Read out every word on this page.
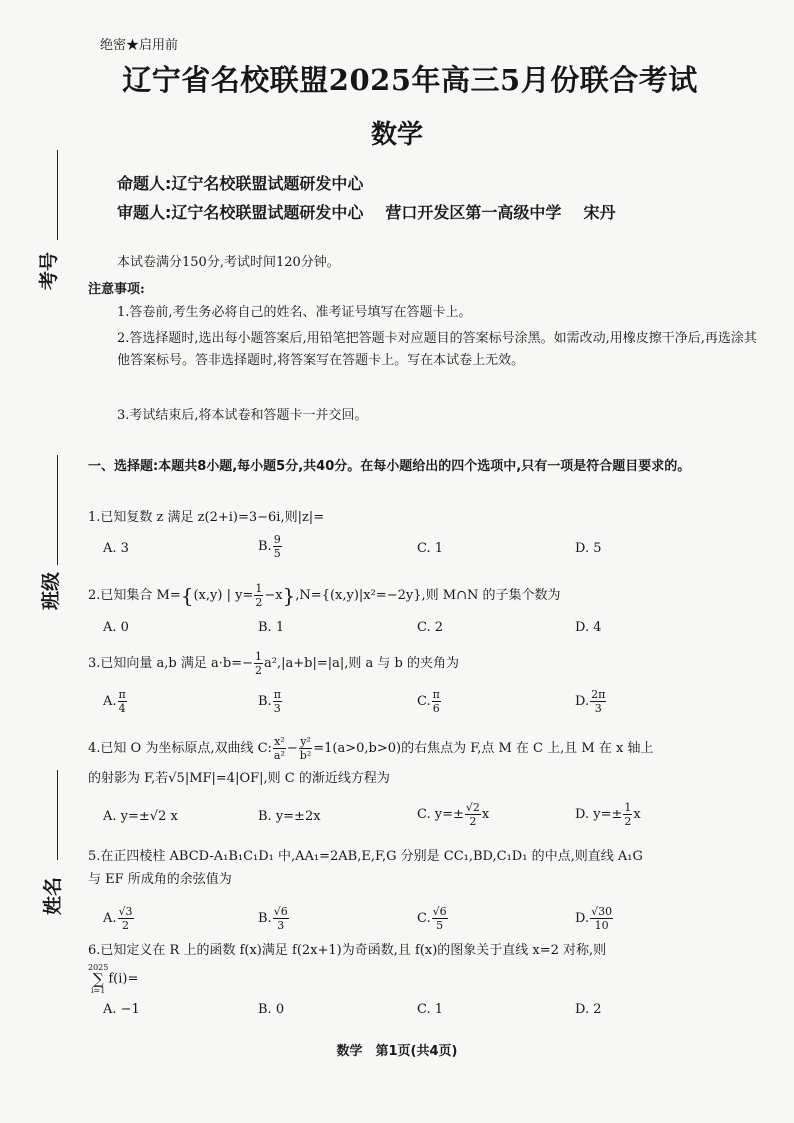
绝密★启用前
辽宁省名校联盟2025年高三5月份联合考试
数学
命题人:辽宁名校联盟试题研发中心
审题人:辽宁名校联盟试题研发中心 营口开发区第一高级中学 宋丹
考号
班级
姓名
本试卷满分150分,考试时间120分钟。
注意事项:
1.答卷前,考生务必将自己的姓名、准考证号填写在答题卡上。
2.答选择题时,选出每小题答案后,用铅笔把答题卡对应题目的答案标号涂黑。如需改动,用橡皮擦干净后,再选涂其他答案标号。答非选择题时,将答案写在答题卡上。写在本试卷上无效。
3.考试结束后,将本试卷和答题卡一并交回。
一、选择题:本题共8小题,每小题5分,共40分。在每小题给出的四个选项中,只有一项是符合题目要求的。
1.已知复数 z 满足 z(2+i)=3−6i,则|z|=
A. 3	B. $\frac{9}{5}$	C. 1	D. 5
2.已知集合 M={(x,y) | $y= \frac{1}{2} -x\},N=\{(x,y)|x^2=-2y\}$,则 M∩N 的子集个数为
A. 0	B. 1	C. 2	D. 4
3.已知向量 a,b 满足 $a\cdot b=- \frac{1}{2} a^2,|a+b|=|a|$,则 a 与 b 的夹角为
A. $\frac{\pi}{4}$	B. $\frac{\pi}{3}$	C. $\frac{\pi}{6}$	D. $\frac{2\pi}{3}$
4.已知 O 为坐标原点,双曲线 C: $\frac{\text{x²}}{\text{a²}} - \frac{\text{y²}}{\text{b²}} =1(a>0,b>0)$的右焦点为 F,点 M 在 C 上,且 M 在 x 轴上
的射影为 F,若√5|MF|=4|OF|,则 C 的渐近线方程为
A. y=±√2 x	B. y=±2x	C. $y=\pm \frac{√2}{2}$ x	D. $y=\pm \frac{1}{2}$ x
5.在正四棱柱 ABCD-A₁B₁C₁D₁ 中,AA₁=2AB,E,F,G 分别是 CC₁,BD,C₁D₁ 的中点,则直线 A₁G
与 EF 所成角的余弦值为
A. $\frac{√3}{2}$	B. $\frac{√6}{3}$	C. $\frac{√6}{5}$	D. $\frac{√30}{10}$
6.已知定义在 R 上的函数 f(x)满足 f(2x+1)为奇函数,且 f(x)的图象关于直线 x=2 对称,则
2025
∑
i=1
f(i)=
A. −1	B. 0	C. 1	D. 2
数学　第1页(共4页)
